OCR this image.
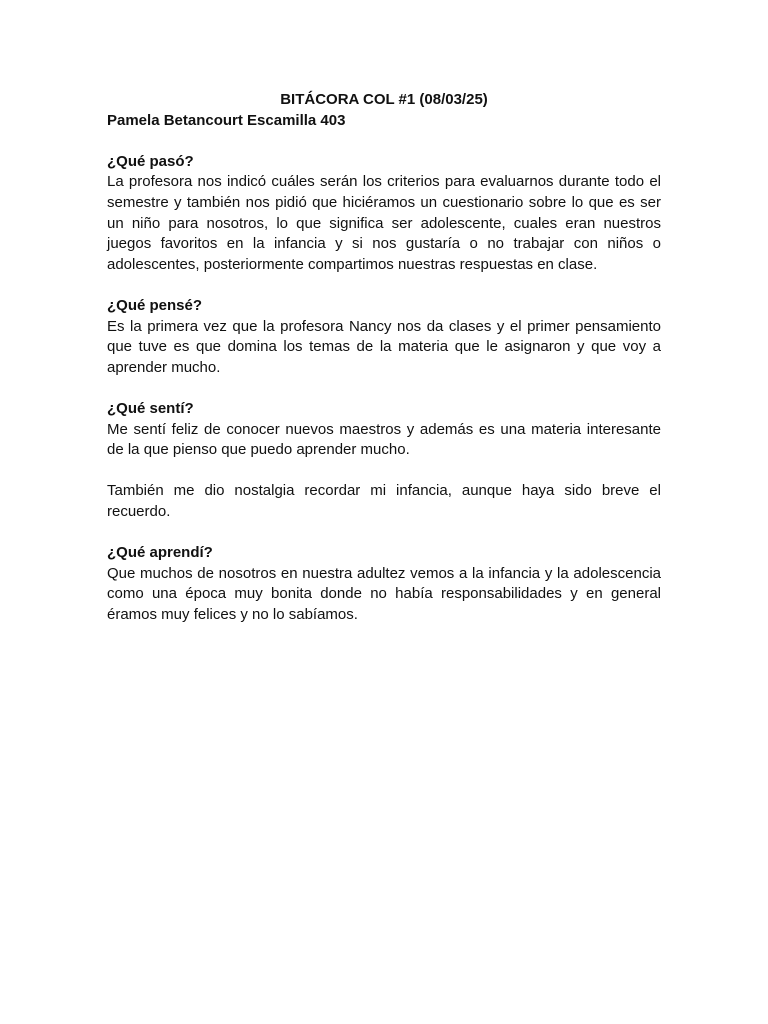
BITÁCORA COL #1 (08/03/25)

Pamela Betancourt Escamilla 403

¿Qué pasó?

La profesora nos indicó cuáles serán los criterios para evaluarnos durante todo el semestre y también nos pidió que hiciéramos un cuestionario sobre lo que es ser un niño para nosotros, lo que significa ser adolescente, cuales eran nuestros juegos favoritos en la infancia y si nos gustaría o no trabajar con niños o adolescentes, posteriormente compartimos nuestras respuestas en clase.

¿Qué pensé?

Es la primera vez que la profesora Nancy nos da clases y el primer pensamiento que tuve es que domina los temas de la materia que le asignaron y que voy a aprender mucho.

¿Qué sentí?

Me sentí feliz de conocer nuevos maestros y además es una materia interesante de la que pienso que puedo aprender mucho.

También me dio nostalgia recordar mi infancia, aunque haya sido breve el recuerdo.

¿Qué aprendí?

Que muchos de nosotros en nuestra adultez vemos a la infancia y la adolescencia como una época muy bonita donde no había responsabilidades y en general éramos muy felices y no lo sabíamos.
